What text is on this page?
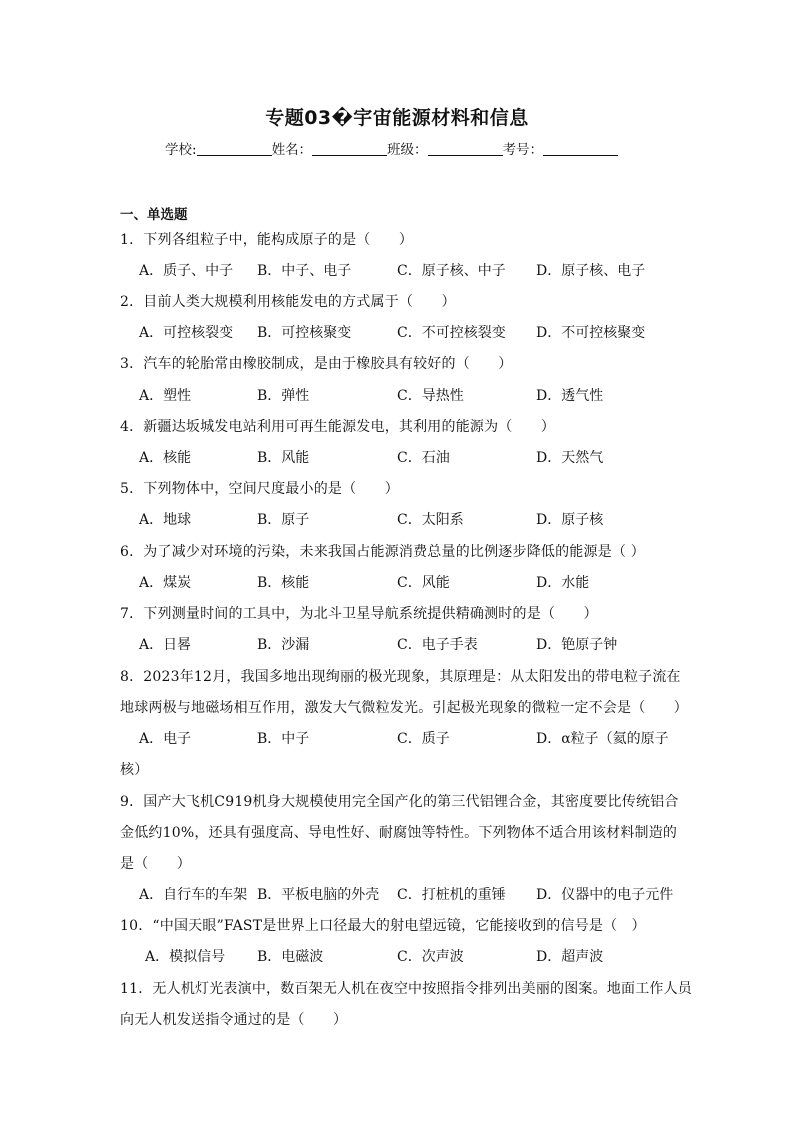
专题03�宇宙能源材料和信息
学校:	姓名：	班级：	考号：
一、单选题
1．下列各组粒子中，能构成原子的是（　　）
A．质子、中子 B．中子、电子	C．原子核、中子 D．原子核、电子
2．目前人类大规模利用核能发电的方式属于（　　）
A．可控核裂变 B．可控核聚变	C．不可控核裂变 D．不可控核聚变
3．汽车的轮胎常由橡胶制成，是由于橡胶具有较好的（　　）
A．塑性	B．弹性	C．导热性	D．透气性
4．新疆达坂城发电站利用可再生能源发电，其利用的能源为（　　）
A．核能	B．风能	C．石油	D．天然气
5．下列物体中，空间尺度最小的是（　　）
A．地球	B．原子	C．太阳系	D．原子核
6．为了减少对环境的污染，未来我国占能源消费总量的比例逐步降低的能源是（ ）
A．煤炭	B．核能	C．风能	D．水能
7．下列测量时间的工具中，为北斗卫星导航系统提供精确测时的是（　　）
A．日晷	B．沙漏	C．电子手表	D．铯原子钟
8．2023年12月，我国多地出现绚丽的极光现象，其原理是：从太阳发出的带电粒子流在
地球两极与地磁场相互作用，激发大气微粒发光。引起极光现象的微粒一定不会是（　　）
A．电子	B．中子	C．质子	D．α粒子（氦的原子
核）
9．国产大飞机C919机身大规模使用完全国产化的第三代铝锂合金，其密度要比传统铝合
金低约10%，还具有强度高、导电性好、耐腐蚀等特性。下列物体不适合用该材料制造的
是（　　）
A．自行车的车架 B．平板电脑的外壳 C．打桩机的重锤 D．仪器中的电子元件
10．“中国天眼”FAST是世界上口径最大的射电望远镜，它能接收到的信号是（　）
A．模拟信号 B．电磁波	C．次声波	D．超声波
11．无人机灯光表演中，数百架无人机在夜空中按照指令排列出美丽的图案。地面工作人员
向无人机发送指令通过的是（　　）
